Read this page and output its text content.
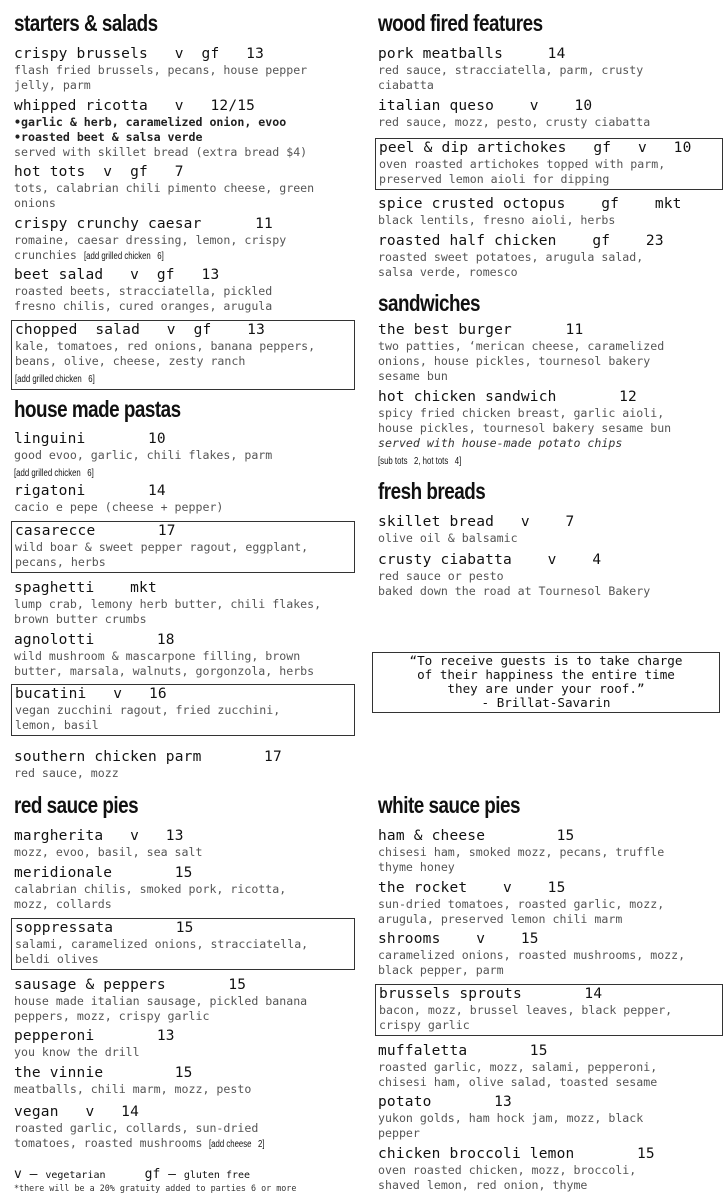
starters & salads
crispy brussels   v  gf   13
flash fried brussels, pecans, house pepper
jelly, parm
whipped ricotta   v   12/15
•garlic & herb, caramelized onion, evoo
•roasted beet & salsa verde
served with skillet bread (extra bread $4)
hot tots  v  gf   7
tots, calabrian chili pimento cheese, green
onions
crispy crunchy caesar      11
romaine, caesar dressing, lemon, crispy
crunchies [add grilled chicken   6]
beet salad   v  gf   13
roasted beets, stracciatella, pickled
fresno chilis, cured oranges, arugula
chopped  salad   v  gf    13
kale, tomatoes, red onions, banana peppers,
beans, olive, cheese, zesty ranch
[add grilled chicken   6]
house made pastas
linguini       10
good evoo, garlic, chili flakes, parm
[add grilled chicken   6]
rigatoni       14
cacio e pepe (cheese + pepper)
casarecce       17
wild boar & sweet pepper ragout, eggplant,
pecans, herbs
spaghetti    mkt
lump crab, lemony herb butter, chili flakes,
brown butter crumbs
agnolotti       18
wild mushroom & mascarpone filling, brown
butter, marsala, walnuts, gorgonzola, herbs
bucatini   v   16
vegan zucchini ragout, fried zucchini,
lemon, basil
southern chicken parm       17
red sauce, mozz
red sauce pies
margherita   v   13
mozz, evoo, basil, sea salt
meridionale       15
calabrian chilis, smoked pork, ricotta,
mozz, collards
soppressata       15
salami, caramelized onions, stracciatella,
beldi olives
sausage & peppers       15
house made italian sausage, pickled banana
peppers, mozz, crispy garlic
pepperoni       13
you know the drill
the vinnie        15
meatballs, chili marm, mozz, pesto
vegan   v   14
roasted garlic, collards, sun-dried
tomatoes, roasted mushrooms [add cheese   2]
wood fired features
pork meatballs     14
red sauce, stracciatella, parm, crusty
ciabatta
italian queso    v    10
red sauce, mozz, pesto, crusty ciabatta
peel & dip artichokes   gf   v   10
oven roasted artichokes topped with parm,
preserved lemon aioli for dipping
spice crusted octopus    gf    mkt
black lentils, fresno aioli, herbs
roasted half chicken    gf    23
roasted sweet potatoes, arugula salad,
salsa verde, romesco
sandwiches
the best burger      11
two patties, ‘merican cheese, caramelized
onions, house pickles, tournesol bakery
sesame bun
hot chicken sandwich       12
spicy fried chicken breast, garlic aioli,
house pickles, tournesol bakery sesame bun
served with house-made potato chips
[sub tots   2, hot tots   4]
fresh breads
skillet bread   v    7
olive oil & balsamic
crusty ciabatta    v    4
red sauce or pesto
baked down the road at Tournesol Bakery
“To receive guests is to take charge
of their happiness the entire time
they are under your roof.”
- Brillat-Savarin
white sauce pies
ham & cheese        15
chisesi ham, smoked mozz, pecans, truffle
thyme honey
the rocket    v    15
sun-dried tomatoes, roasted garlic, mozz,
arugula, preserved lemon chili marm
shrooms    v    15
caramelized onions, roasted mushrooms, mozz,
black pepper, parm
brussels sprouts       14
bacon, mozz, brussel leaves, black pepper,
crispy garlic
muffaletta       15
roasted garlic, mozz, salami, pepperoni,
chisesi ham, olive salad, toasted sesame
potato       13
yukon golds, ham hock jam, mozz, black
pepper
chicken broccoli lemon       15
oven roasted chicken, mozz, broccoli,
shaved lemon, red onion, thyme
v – vegetarian	gf – gluten free
*there will be a 20% gratuity added to parties 6 or more
